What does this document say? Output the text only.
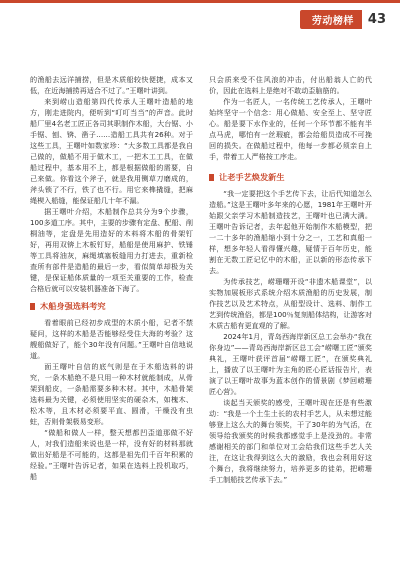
劳动榜样	43

的渔船去远洋捕捞，但是木质船较快便捷，成本又低，在近海捕捞再适合不过了。”王曙叶讲到。

来到崂山造船第四代传承人王曙叶造船的地方，刚走进院内，便听到“叮叮当当”的声音。此时船厂里4名老工匠正各司其职制作木船，大台锯、小手锯、刨、锛、凿子……造船工具共有26种。对于这些工具，王曙叶如数家珍：“大多数工具都是我自己做的，做船不用于做木工，一把木工工具，在做船过程中，基本用不上，都是根据做船的需要，自己来做。你看这个斧子，就是我用铡草刀磨成的，斧头锁了不行，铁了也不行。用它来榫撬缝，把麻绳楔入船缝，能保证船几十年不漏。

据王曙叶介绍，木船制作总共分为9个步骤，100多道工序。其中，主要的步骤有定盘、配船、削桐油等，定盘是先用造好的木料将木船的骨架钉好，再用双锛上木板钉好，船船是使用麻护、铁锤等工具将油灰，麻绳填塞板缝用力打进去，重新检查所有部件是造船的最后一步，看似简单却极为关键，是保证船体质量的一项至关重要的工作，检查合格后就可以安装机器准备下海了。

木船身强选料考究

看着眼前已经初步成型的木质小船，记者不禁疑问，这样的木船是否能够经受住大海的考验？这艘船做好了，能个30年没有问题。”王曙叶自信地说道。

面王曙叶自信的底气则是在于木船选料的讲究，一条木船绝不是只用一种木材就能制成，从骨架到船皮，一条船需要多种木材。其中，木船骨架选料最为关键，必须使用坚实的硬杂木，如槐木、松木等，且木材必须要平直、圆滑，干燥没有虫蛀，否则骨架极易变形。

“做船和做人一样，整天想都凹歪道那做不好人，对我们造船来说也是一样，没有好的材料那就做出好船是不可能的，这都是祖先们千百年积累的经验。”王曙叶告诉记者，如果在选料上投机取巧，船

只会质来受不住风浪的冲击，付出船翁人亡的代价，因此在选料上是绝对不敢动歪脑筋的。

作为一名匠人，一名传统工艺传承人，王曙叶始终坚守一个信念：用心做船、安全至上、坚守匠心。船是要下水作业的，任何一个环节都不能有半点马虎，哪怕有一丝瑕疵，都会给船员造成不可挽回的损失。在做船过程中，他每一步都必须亲自上手，带着工人严格按工序走。

让老手艺焕发新生

“我一定要把这个手艺传下去，让后代知道怎么造船。”这是王曙叶多年来的心愿，1981年王曙叶开始跟父亲学习木船制造技艺，王曙叶也已满大满。王曙叶告诉记者，去年起他开始制作木船模型，把一二十多年的渔船缩小到十分之一，工艺和真船一样，想多年轻人看得懂兴趣，疑情于百年历史，能割在无数工匠记忆中的木船，正以新的形态传承下去。

为传承技艺，崂珊曙开设“非遗木船课堂”，以实物加展板形式系统介绍木质渔船的历史发展，制作技艺以及艺术特点，从船型设计、选料、制作工艺到传统渔俗，都是100％复刻船体结构，让游客对木质古船有更直观的了解。

2024年1月，青岛西海岸新区总工会举办“我在你身边”——青岛西海岸新区总工会“崂曙工匠”颁奖典礼，王曙叶获评首届“崂曙工匠”，在颁奖典礼上，播放了以王曙叶为主角的匠心匠话报告片，表演了以王曙叶故事为蓝本创作的情景剧《梦回崂珊匠心营》。

谈起当天颁奖的感受，王曙叶现在还是有些激动：“我是一个土生土长的农村手艺人，从未想过能够登上这么大的舞台领奖，干了30年的为气活，在领导给我颁奖的时候我都感觉手上是没劲的。非常感谢相关的部门和单位对工会给我们这些手艺人关注，在这让我得到这么大的激励，我也会利用好这个舞台，我将继续努力，培养更多的徒弟，把崂珊手工制船技艺传承下去。”
